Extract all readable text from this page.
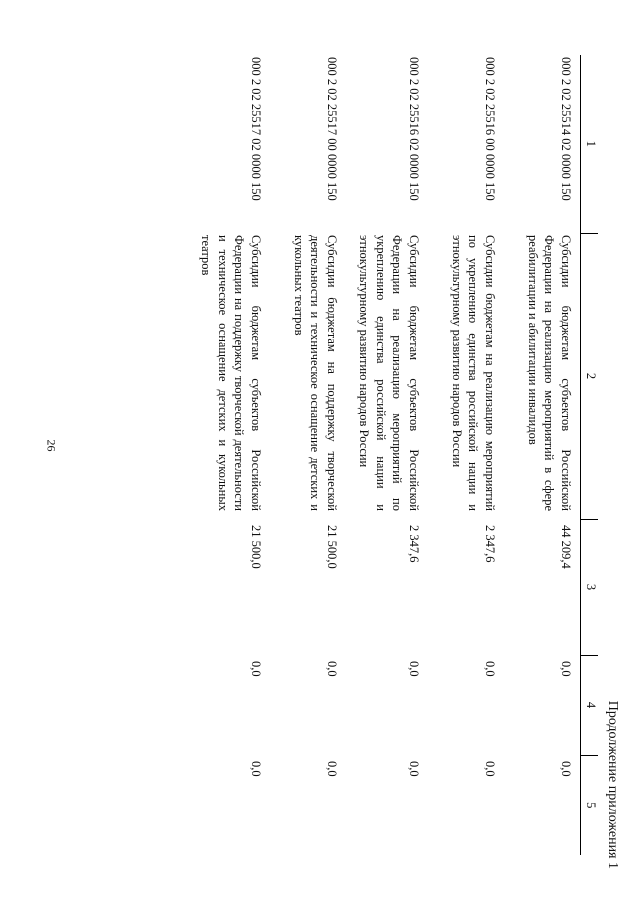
26
Продолжение приложения 1
1	2	3	4	5
000 2 02 25514 02 0000 150	Субсидии бюджетам субъектов Российской Федерации на реализацию мероприятий в сфере реабилитации и абилитации инвалидов	44 209,4	0,0	0,0
000 2 02 25516 00 0000 150	Субсидии бюджетам на реализацию мероприятий по укреплению единства российской нации и этнокультурному развитию народов России	2 347,6	0,0	0,0
000 2 02 25516 02 0000 150	Субсидии бюджетам субъектов Российской Федерации на реализацию мероприятий по укреплению единства российской нации и этнокультурному развитию народов России	2 347,6	0,0	0,0
000 2 02 25517 00 0000 150	Субсидии бюджетам на поддержку творческой деятельности и техническое оснащение детских и кукольных театров	21 500,0	0,0	0,0
000 2 02 25517 02 0000 150	Субсидии бюджетам субъектов Российской Федерации на поддержку творческой деятельности и техническое оснащение детских и кукольных театров	21 500,0	0,0	0,0
